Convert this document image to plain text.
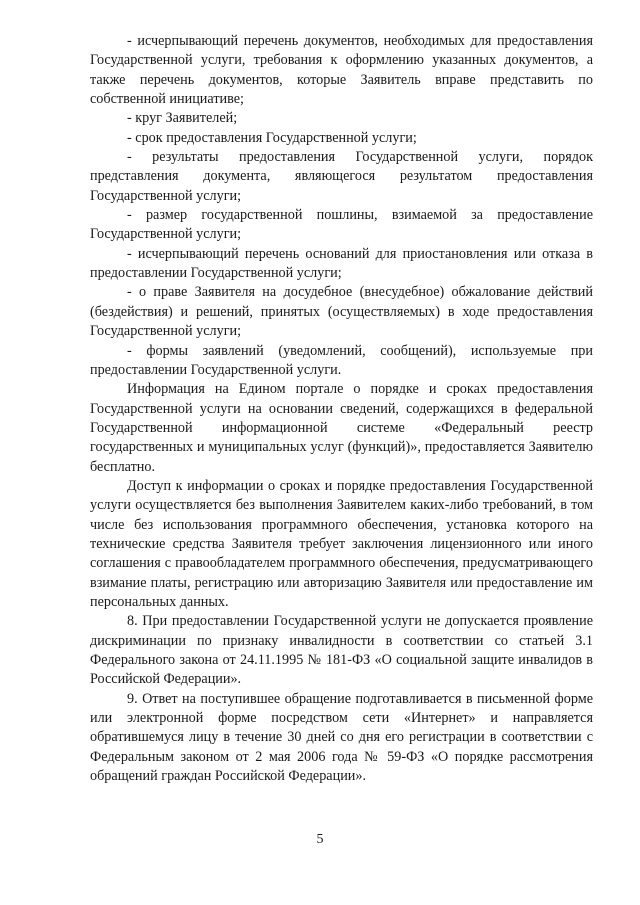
- исчерпывающий перечень документов, необходимых для предоставления Государственной услуги, требования к оформлению указанных документов, а также перечень документов, которые Заявитель вправе представить по собственной инициативе;

- круг Заявителей;

- срок предоставления Государственной услуги;

- результаты предоставления Государственной услуги, порядок представления документа, являющегося результатом предоставления Государственной услуги;

- размер государственной пошлины, взимаемой за предоставление Государственной услуги;

- исчерпывающий перечень оснований для приостановления или отказа в предоставлении Государственной услуги;

- о праве Заявителя на досудебное (внесудебное) обжалование действий (бездействия) и решений, принятых (осуществляемых) в ходе предоставления Государственной услуги;

- формы заявлений (уведомлений, сообщений), используемые при предоставлении Государственной услуги.

Информация на Едином портале о порядке и сроках предоставления Государственной услуги на основании сведений, содержащихся в федеральной Государственной информационной системе «Федеральный реестр государственных и муниципальных услуг (функций)», предоставляется Заявителю бесплатно.

Доступ к информации о сроках и порядке предоставления Государственной услуги осуществляется без выполнения Заявителем каких-либо требований, в том числе без использования программного обеспечения, установка которого на технические средства Заявителя требует заключения лицензионного или иного соглашения с правообладателем программного обеспечения, предусматривающего взимание платы, регистрацию или авторизацию Заявителя или предоставление им персональных данных.

8. При предоставлении Государственной услуги не допускается проявление дискриминации по признаку инвалидности в соответствии со статьей 3.1 Федерального закона от 24.11.1995 № 181-ФЗ «О социальной защите инвалидов в Российской Федерации».

9. Ответ на поступившее обращение подготавливается в письменной форме или электронной форме посредством сети «Интернет» и направляется обратившемуся лицу в течение 30 дней со дня его регистрации в соответствии с Федеральным законом от 2 мая 2006 года № 59-ФЗ «О порядке рассмотрения обращений граждан Российской Федерации».

5
